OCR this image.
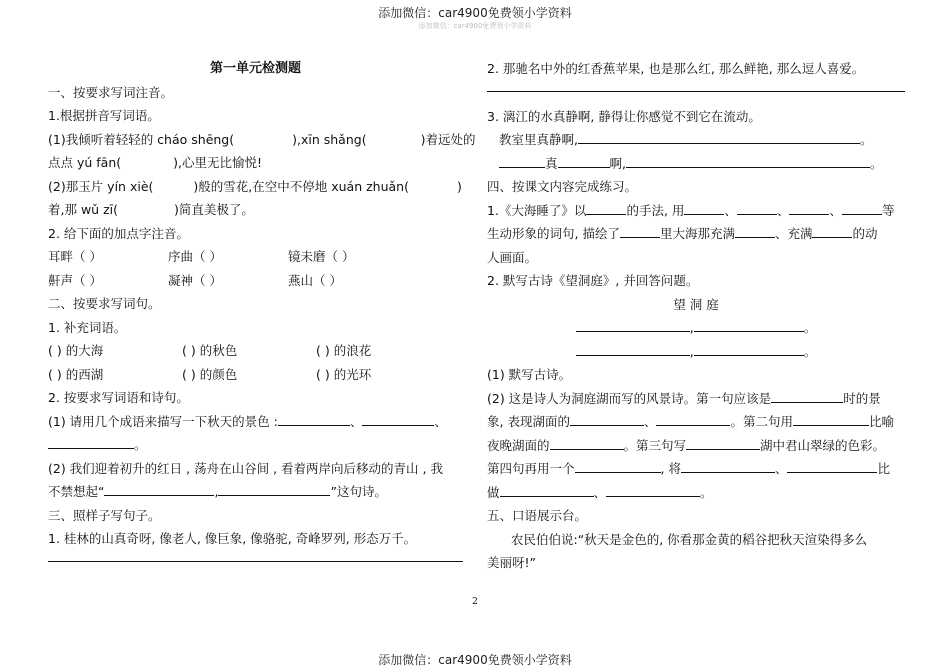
添加微信：car4900免费领小学资料
添加微信：car4900免费领小学资料
第一单元检测题
一、按要求写词注音。
1.根据拼音写词语。
(1)我倾听着轻轻的 cháo shēng(	),xīn shǎng(	)着远处的
点点 yú fān(	),心里无比愉悦!
(2)那玉片 yín xiè(	)般的雪花,在空中不停地 xuán zhuǎn(	)
着,那 wǔ zī(	)简直美极了。
2. 给下面的加点字注音。
耳畔（ ）	序曲（ ）	镜未磨（ ）
鼾声（ ）	凝神（ ）	燕山（ ）
二、按要求写词句。
1. 补充词语。
( ) 的大海	( ) 的秋色	( ) 的浪花
( ) 的西湖	( ) 的颜色	( ) 的光环
2. 按要求写词语和诗句。
(1) 请用几个成语来描写一下秋天的景色 :	、	、
。
(2) 我们迎着初升的红日 , 荡舟在山谷间 , 看着两岸向后移动的青山 , 我
不禁想起“	,	”这句诗。
三、照样子写句子。
1. 桂林的山真奇呀, 像老人, 像巨象, 像骆驼, 奇峰罗列, 形态万千。
2. 那驰名中外的红香蕉苹果, 也是那么红, 那么鲜艳, 那么逗人喜爱。
3. 漓江的水真静啊, 静得让你感觉不到它在流动。
教室里真静啊,	。
真	啊,	。
四、按课文内容完成练习。
1.《大海睡了》以	的手法, 用	、	、	、	等
生动形象的词句, 描绘了	里大海那充满	、充满	的动
人画面。
2. 默写古诗《望洞庭》, 并回答问题。
望 洞 庭
,	。
,	。
(1) 默写古诗。
(2) 这是诗人为洞庭湖而写的风景诗。第一句应该是	时的景
象, 表现湖面的	、	。第二句用	比喻
夜晚湖面的	。第三句写	湖中君山翠绿的色彩。
第四句再用一个	, 将	、	比
做	、	。
五、口语展示台。
农民伯伯说:“秋天是金色的, 你看那金黄的稻谷把秋天渲染得多么
美丽呀!”
2
添加微信：car4900免费领小学资料
